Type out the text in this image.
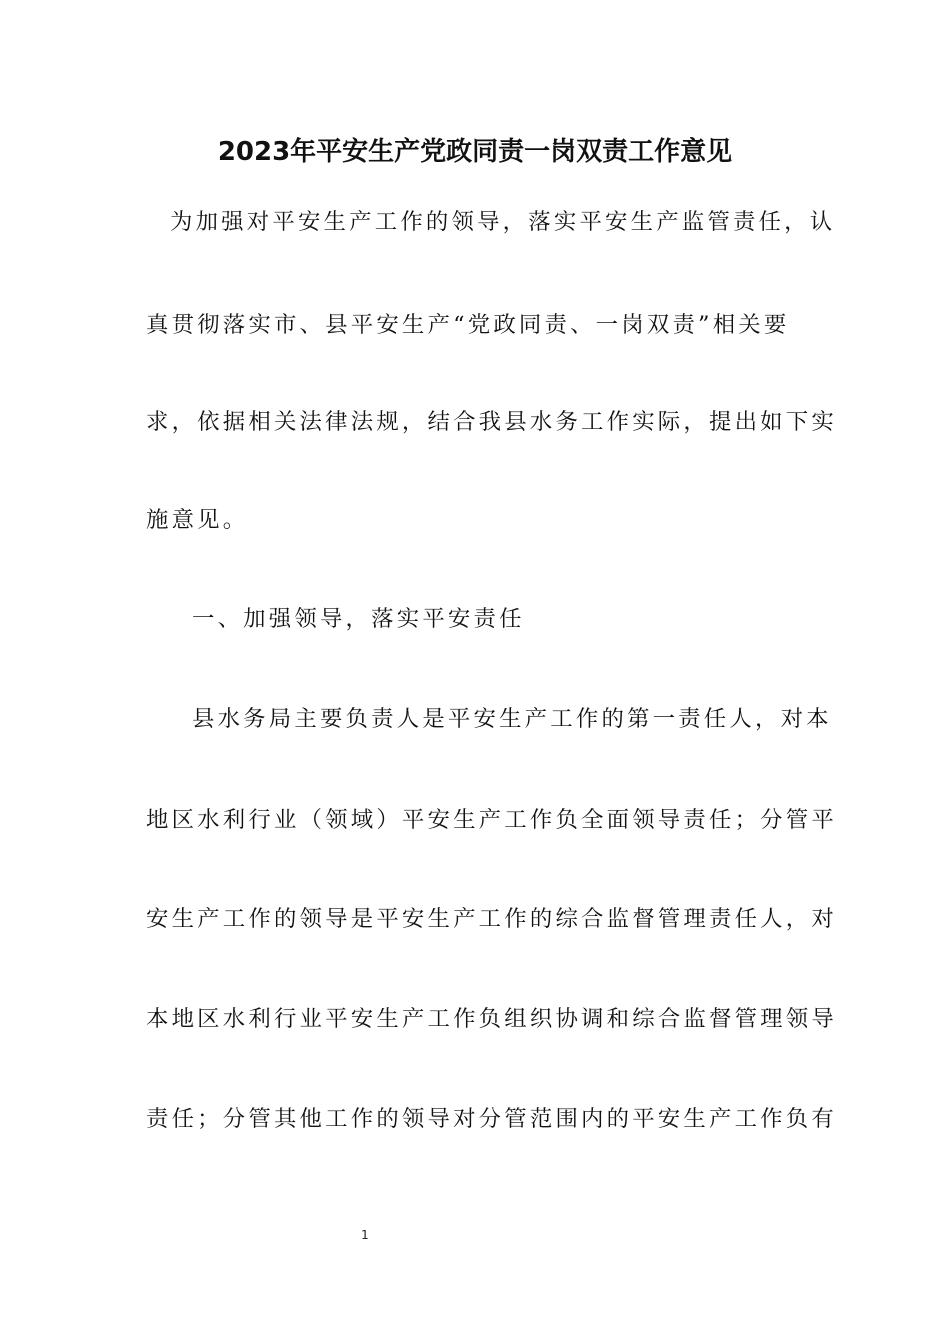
2023年平安生产党政同责一岗双责工作意见
为加强对平安生产工作的领导，落实平安生产监管责任，认
真贯彻落实市、县平安生产“党政同责、一岗双责”相关要
求，依据相关法律法规，结合我县水务工作实际，提出如下实
施意见。
一、加强领导，落实平安责任
县水务局主要负责人是平安生产工作的第一责任人，对本
地区水利行业（领域）平安生产工作负全面领导责任；分管平
安生产工作的领导是平安生产工作的综合监督管理责任人，对
本地区水利行业平安生产工作负组织协调和综合监督管理领导
责任；分管其他工作的领导对分管范围内的平安生产工作负有
1
